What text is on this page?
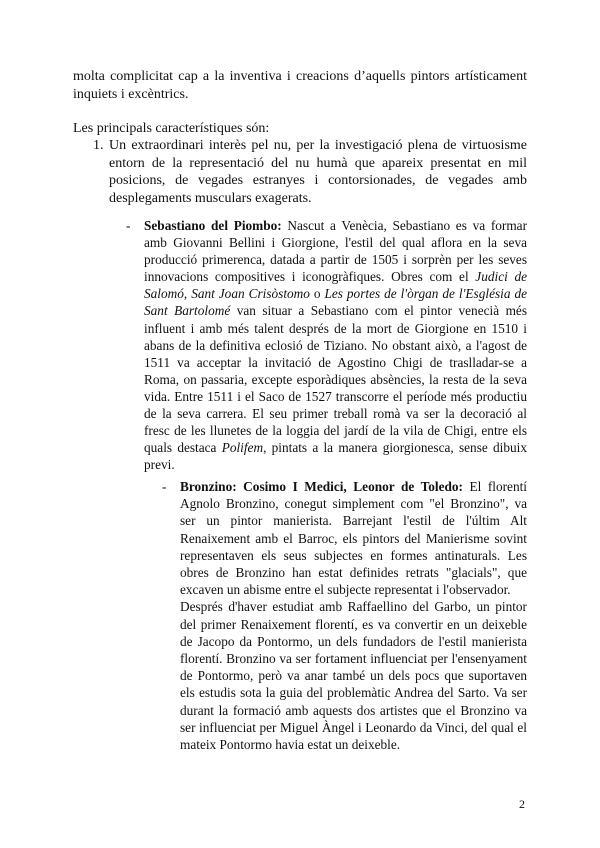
molta complicitat cap a la inventiva i creacions d’aquells pintors artísticament inquiets i excèntrics.

Les principals característiques són:

1. Un extraordinari interès pel nu, per la investigació plena de virtuosisme entorn de la representació del nu humà que apareix presentat en mil posicions, de vegades estranyes i contorsionades, de vegades amb desplegaments musculars exagerats.

- Sebastiano del Piombo: Nascut a Venècia, Sebastiano es va formar amb Giovanni Bellini i Giorgione, l'estil del qual aflora en la seva producció primerenca, datada a partir de 1505 i sorprèn per les seves innovacions compositives i iconogràfiques. Obres com el Judici de Salomó, Sant Joan Crisòstomo o Les portes de l'òrgan de l'Església de Sant Bartolomé van situar a Sebastiano com el pintor venecià més influent i amb més talent després de la mort de Giorgione en 1510 i abans de la definitiva eclosió de Tiziano. No obstant això, a l'agost de 1511 va acceptar la invitació de Agostino Chigi de traslladar-se a Roma, on passaria, excepte esporàdiques absències, la resta de la seva vida. Entre 1511 i el Saco de 1527 transcorre el període més productiu de la seva carrera. El seu primer treball romà va ser la decoració al fresc de les llunetes de la loggia del jardí de la vila de Chigi, entre els quals destaca Polifem, pintats a la manera giorgionesca, sense dibuix previ.

- Bronzino: Cosimo I Medici, Leonor de Toledo: El florentí Agnolo Bronzino, conegut simplement com "el Bronzino", va ser un pintor manierista. Barrejant l'estil de l'últim Alt Renaixement amb el Barroc, els pintors del Manierisme sovint representaven els seus subjectes en formes antinaturals. Les obres de Bronzino han estat definides retrats "glacials", que excaven un abisme entre el subjecte representat i l'observador.

Després d'haver estudiat amb Raffaellino del Garbo, un pintor del primer Renaixement florentí, es va convertir en un deixeble de Jacopo da Pontormo, un dels fundadors de l'estil manierista florentí. Bronzino va ser fortament influenciat per l'ensenyament de Pontormo, però va anar també un dels pocs que suportaven els estudis sota la guia del problemàtic Andrea del Sarto. Va ser durant la formació amb aquests dos artistes que el Bronzino va ser influenciat per Miguel Àngel i Leonardo da Vinci, del qual el mateix Pontormo havia estat un deixeble.

2
